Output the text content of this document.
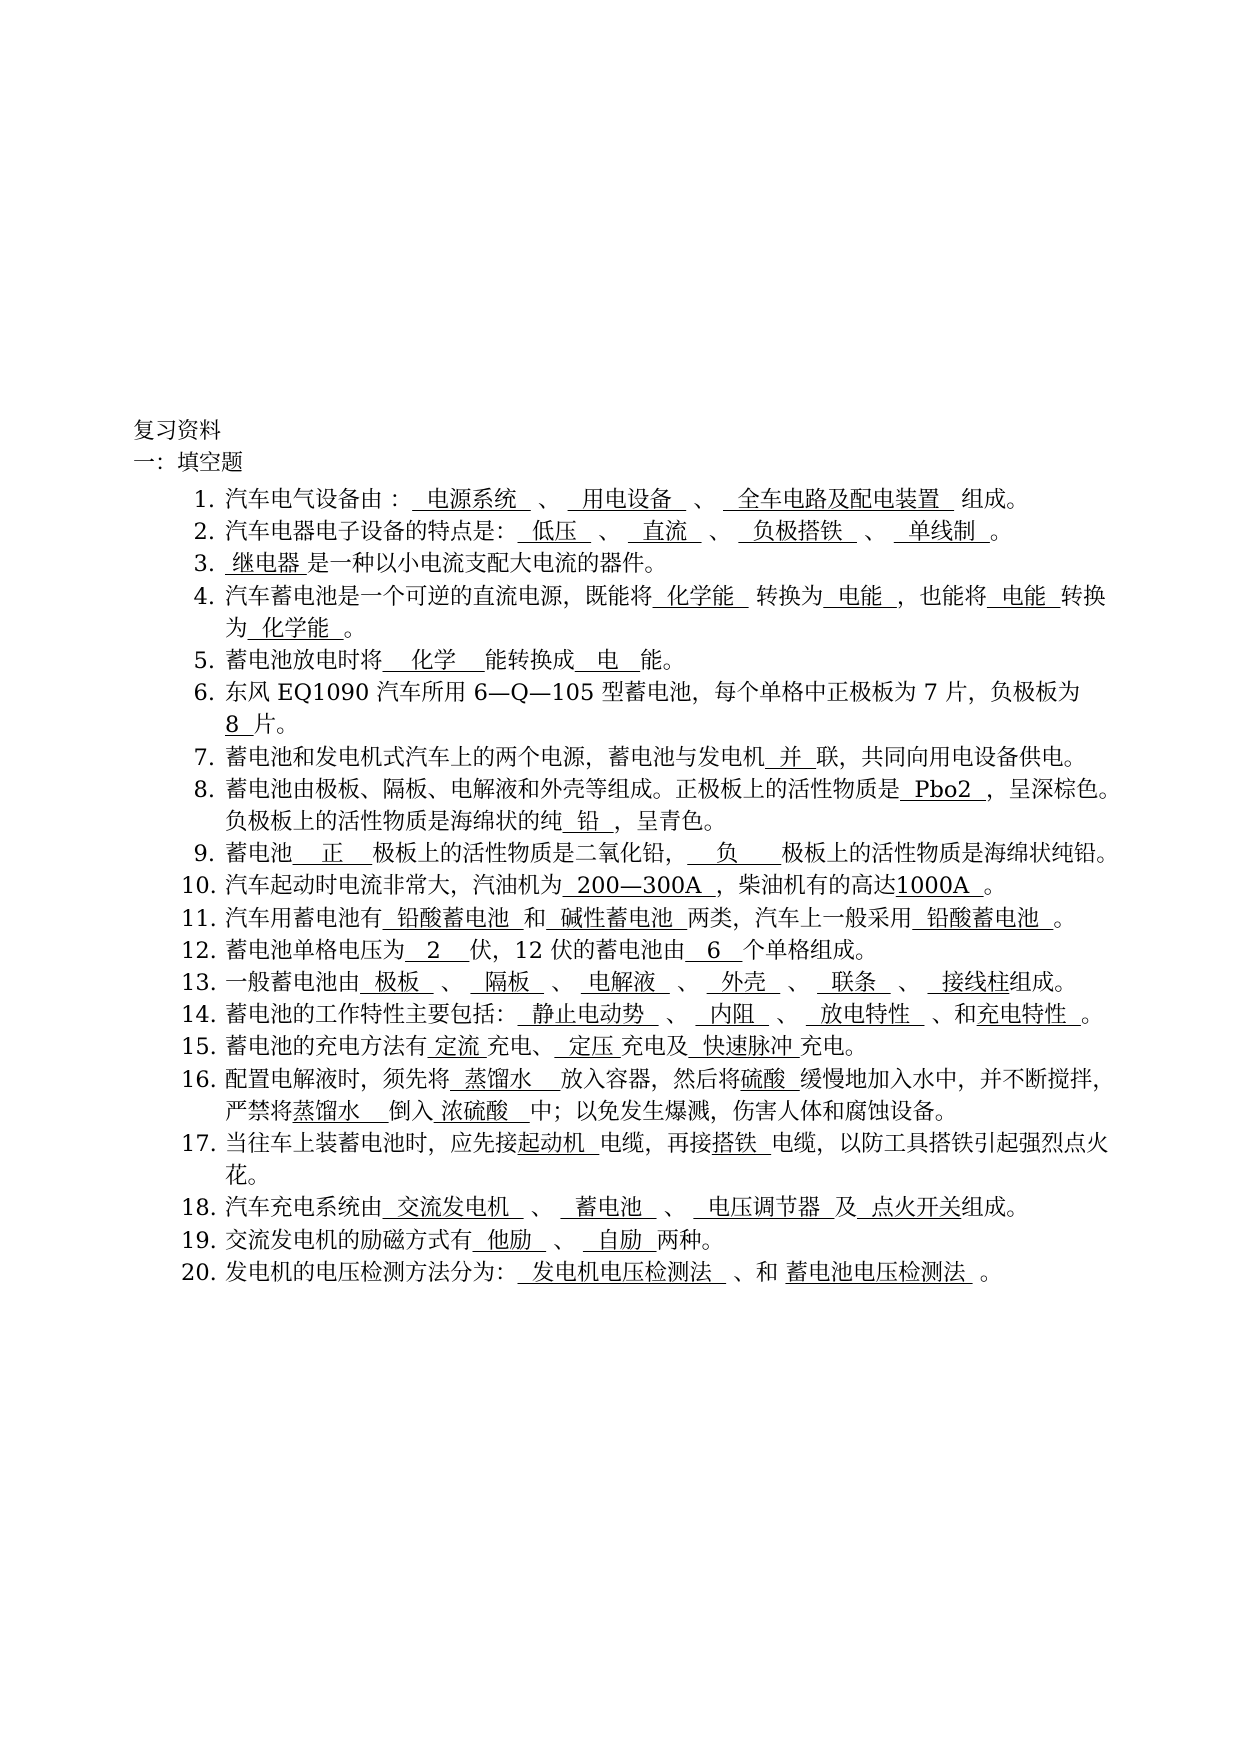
复习资料

一：填空题

1. 汽车电气设备由 ：  电源系统   、   用电设备   、   全车电路及配电装置   组成。
2. 汽车电器电子设备的特点是：  低压   、   直流   、   负极搭铁   、   单线制  。
3. 继电器 是一种以小电流支配大电流的器件。
4. 汽车蓄电池是一个可逆的直流电源，既能将  化学能   转换为  电能  ，也能将  电能  转换为  化学能  。
5. 蓄电池放电时将    化学    能转换成   电   能。
6. 东风 EQ1090 汽车所用 6—Q—105 型蓄电池，每个单格中正极板为 7 片，负极板为8  片。
7. 蓄电池和发电机式汽车上的两个电源，蓄电池与发电机  并  联，共同向用电设备供电。
8. 蓄电池由极板、隔板、电解液和外壳等组成。正极板上的活性物质是  Pbo2  ，呈深棕色。负极板上的活性物质是海绵状的纯  铅  ，呈青色。
9. 蓄电池    正    极板上的活性物质是二氧化铅，    负      极板上的活性物质是海绵状纯铅。
10. 汽车起动时电流非常大，汽油机为  200—300A  ，柴油机有的高达1000A  。
11. 汽车用蓄电池有  铅酸蓄电池  和  碱性蓄电池  两类，汽车上一般采用  铅酸蓄电池  。
12. 蓄电池单格电压为   2    伏，12 伏的蓄电池由   6   个单格组成。
13. 一般蓄电池由  极板   、   隔板   、  电解液   、   外壳   、   联条   、   接线柱组成。
14. 蓄电池的工作特性主要包括：  静止电动势   、   内阻   、   放电特性   、和充电特性  。
15. 蓄电池的充电方法有 定流 充电、  定压 充电及  快速脉冲 充电。
16. 配置电解液时，须先将  蒸馏水    放入容器，然后将硫酸  缓慢地加入水中，并不断搅拌，严禁将蒸馏水    倒入 浓硫酸   中；以免发生爆溅，伤害人体和腐蚀设备。
17. 当往车上装蓄电池时，应先接起动机  电缆，再接搭铁  电缆，以防工具搭铁引起强烈点火花。
18. 汽车充电系统由  交流发电机   、   蓄电池   、   电压调节器  及  点火开关组成。
19. 交流发电机的励磁方式有  他励   、   自励  两种。
20. 发电机的电压检测方法分为：  发电机电压检测法   、和 蓄电池电压检测法  。
